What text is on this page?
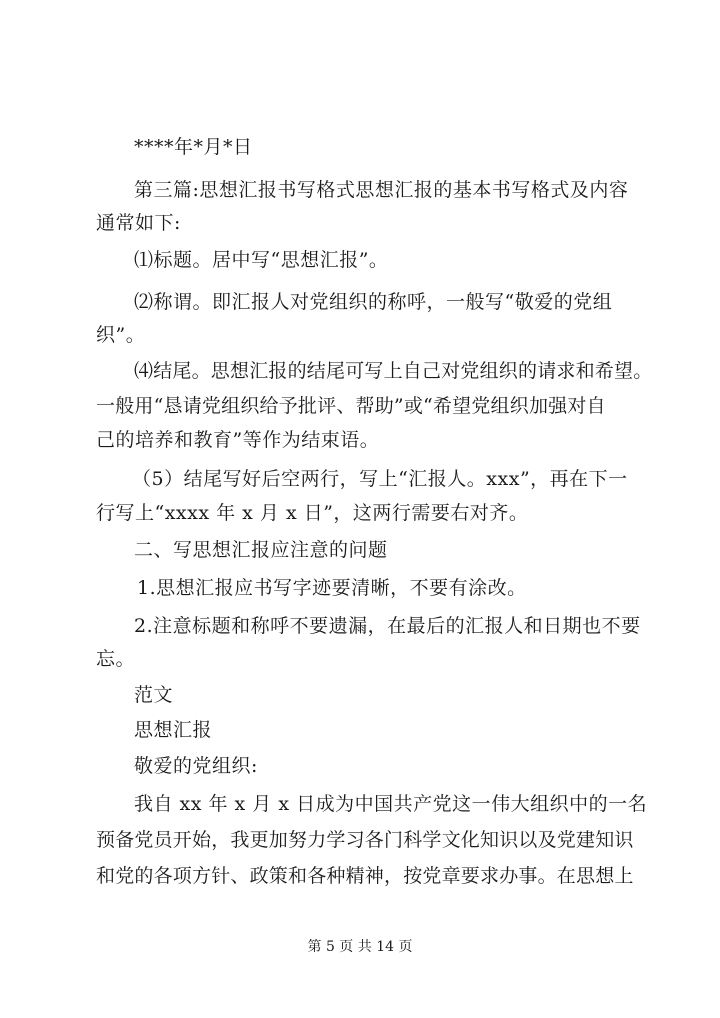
****年*月*日

第三篇:思想汇报书写格式思想汇报的基本书写格式及内容

通常如下:

⑴标题。居中写“思想汇报”。

⑵称谓。即汇报人对党组织的称呼，一般写“敬爱的党组

织”。

⑷结尾。思想汇报的结尾可写上自己对党组织的请求和希望。

一般用“恳请党组织给予批评、帮助”或“希望党组织加强对自

己的培养和教育”等作为结束语。

（5）结尾写好后空两行，写上“汇报人。xxx”，再在下一

行写上“xxxx 年 x 月 x 日”，这两行需要右对齐。

二、写思想汇报应注意的问题

1.思想汇报应书写字迹要清晰，不要有涂改。

2.注意标题和称呼不要遗漏，在最后的汇报人和日期也不要

忘。

范文

思想汇报

敬爱的党组织:

我自 xx 年 x 月 x 日成为中国共产党这一伟大组织中的一名

预备党员开始，我更加努力学习各门科学文化知识以及党建知识

和党的各项方针、政策和各种精神，按党章要求办事。在思想上

第 5 页 共 14 页
